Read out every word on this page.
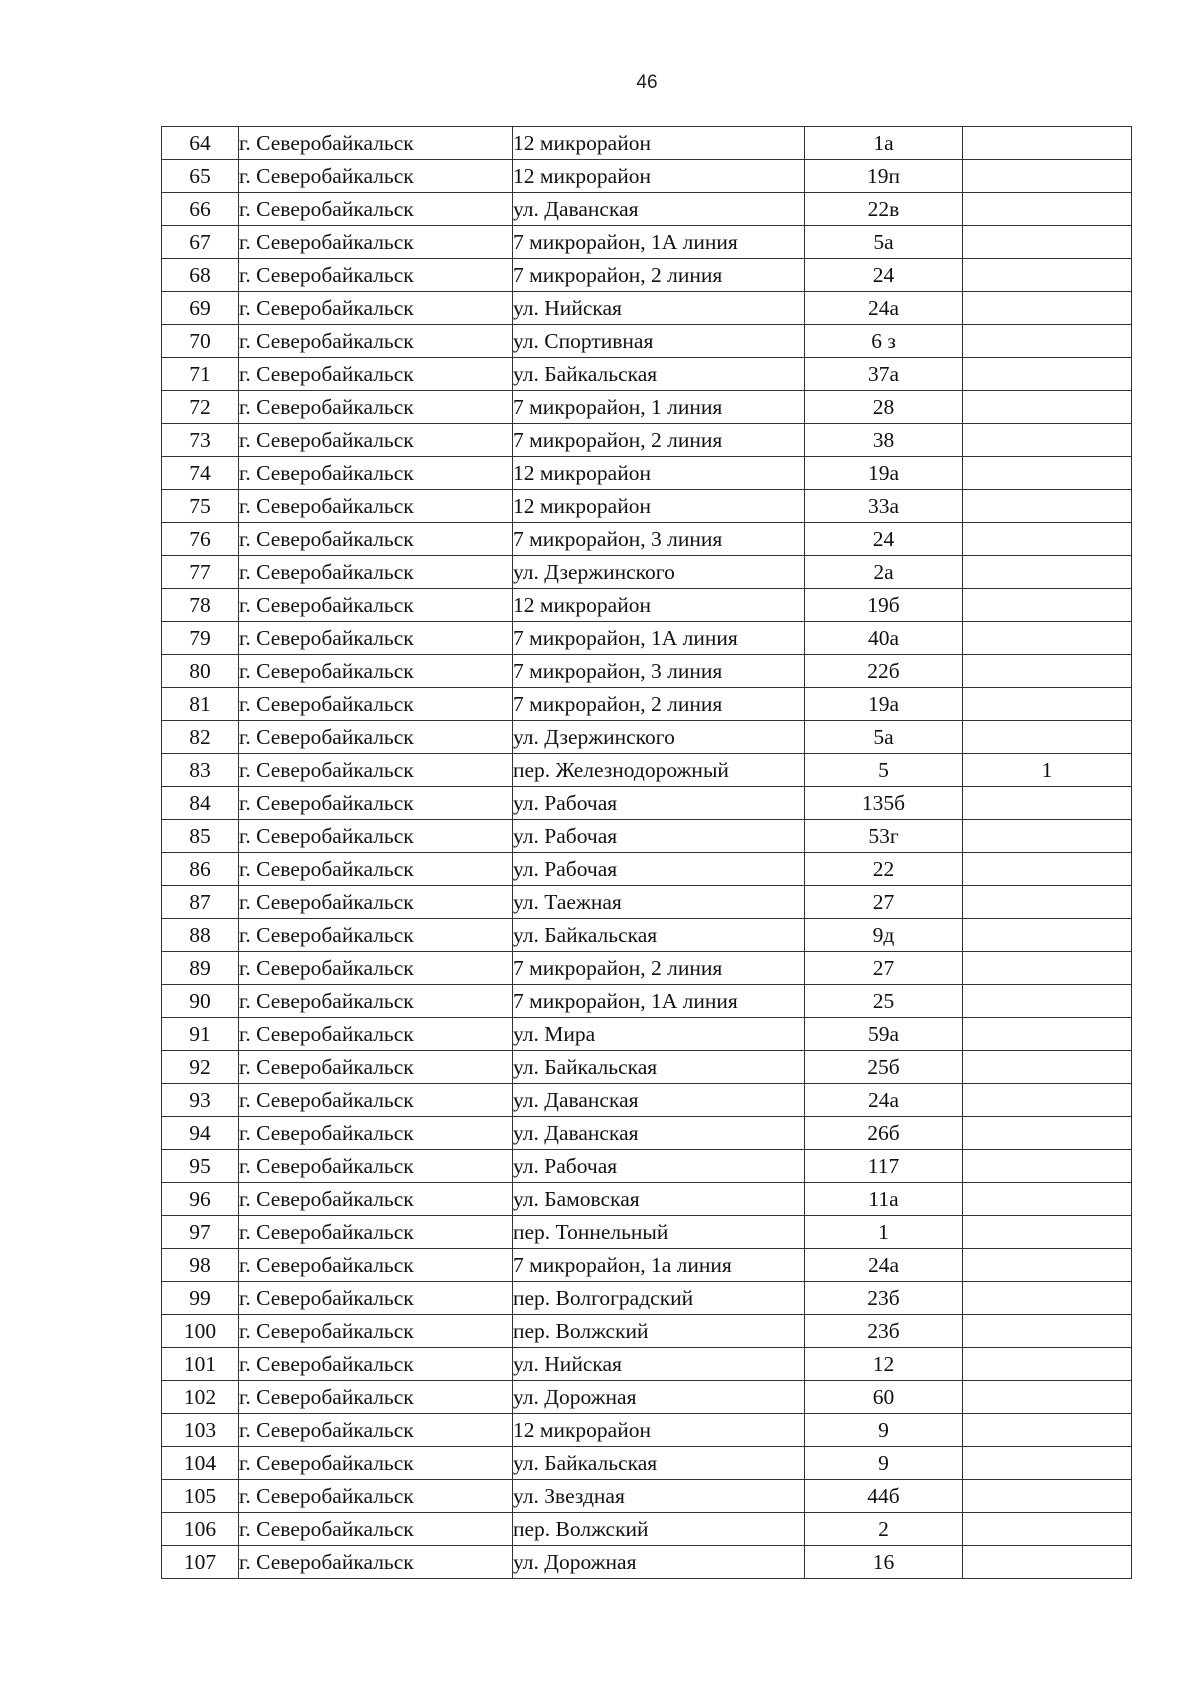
46
64	г. Северобайкальск	12 микрорайон	1а	
65	г. Северобайкальск	12 микрорайон	19п	
66	г. Северобайкальск	ул. Даванская	22в	
67	г. Северобайкальск	7 микрорайон, 1А линия	5а	
68	г. Северобайкальск	7 микрорайон, 2 линия	24	
69	г. Северобайкальск	ул. Нийская	24а	
70	г. Северобайкальск	ул. Спортивная	6 з	
71	г. Северобайкальск	ул. Байкальская	37а	
72	г. Северобайкальск	7 микрорайон, 1 линия	28	
73	г. Северобайкальск	7 микрорайон, 2 линия	38	
74	г. Северобайкальск	12 микрорайон	19а	
75	г. Северобайкальск	12 микрорайон	33а	
76	г. Северобайкальск	7 микрорайон, 3 линия	24	
77	г. Северобайкальск	ул. Дзержинского	2а	
78	г. Северобайкальск	12 микрорайон	19б	
79	г. Северобайкальск	7 микрорайон, 1А линия	40а	
80	г. Северобайкальск	7 микрорайон, 3 линия	22б	
81	г. Северобайкальск	7 микрорайон, 2 линия	19а	
82	г. Северобайкальск	ул. Дзержинского	5а	
83	г. Северобайкальск	пер. Железнодорожный	5	1
84	г. Северобайкальск	ул. Рабочая	135б	
85	г. Северобайкальск	ул. Рабочая	53г	
86	г. Северобайкальск	ул. Рабочая	22	
87	г. Северобайкальск	ул. Таежная	27	
88	г. Северобайкальск	ул. Байкальская	9д	
89	г. Северобайкальск	7 микрорайон, 2 линия	27	
90	г. Северобайкальск	7 микрорайон, 1А линия	25	
91	г. Северобайкальск	ул. Мира	59а	
92	г. Северобайкальск	ул. Байкальская	25б	
93	г. Северобайкальск	ул. Даванская	24а	
94	г. Северобайкальск	ул. Даванская	26б	
95	г. Северобайкальск	ул. Рабочая	117	
96	г. Северобайкальск	ул. Бамовская	11а	
97	г. Северобайкальск	пер. Тоннельный	1	
98	г. Северобайкальск	7 микрорайон, 1а линия	24а	
99	г. Северобайкальск	пер. Волгоградский	23б	
100	г. Северобайкальск	пер. Волжский	23б	
101	г. Северобайкальск	ул. Нийская	12	
102	г. Северобайкальск	ул. Дорожная	60	
103	г. Северобайкальск	12 микрорайон	9	
104	г. Северобайкальск	ул. Байкальская	9	
105	г. Северобайкальск	ул. Звездная	44б	
106	г. Северобайкальск	пер. Волжский	2	
107	г. Северобайкальск	ул. Дорожная	16	
